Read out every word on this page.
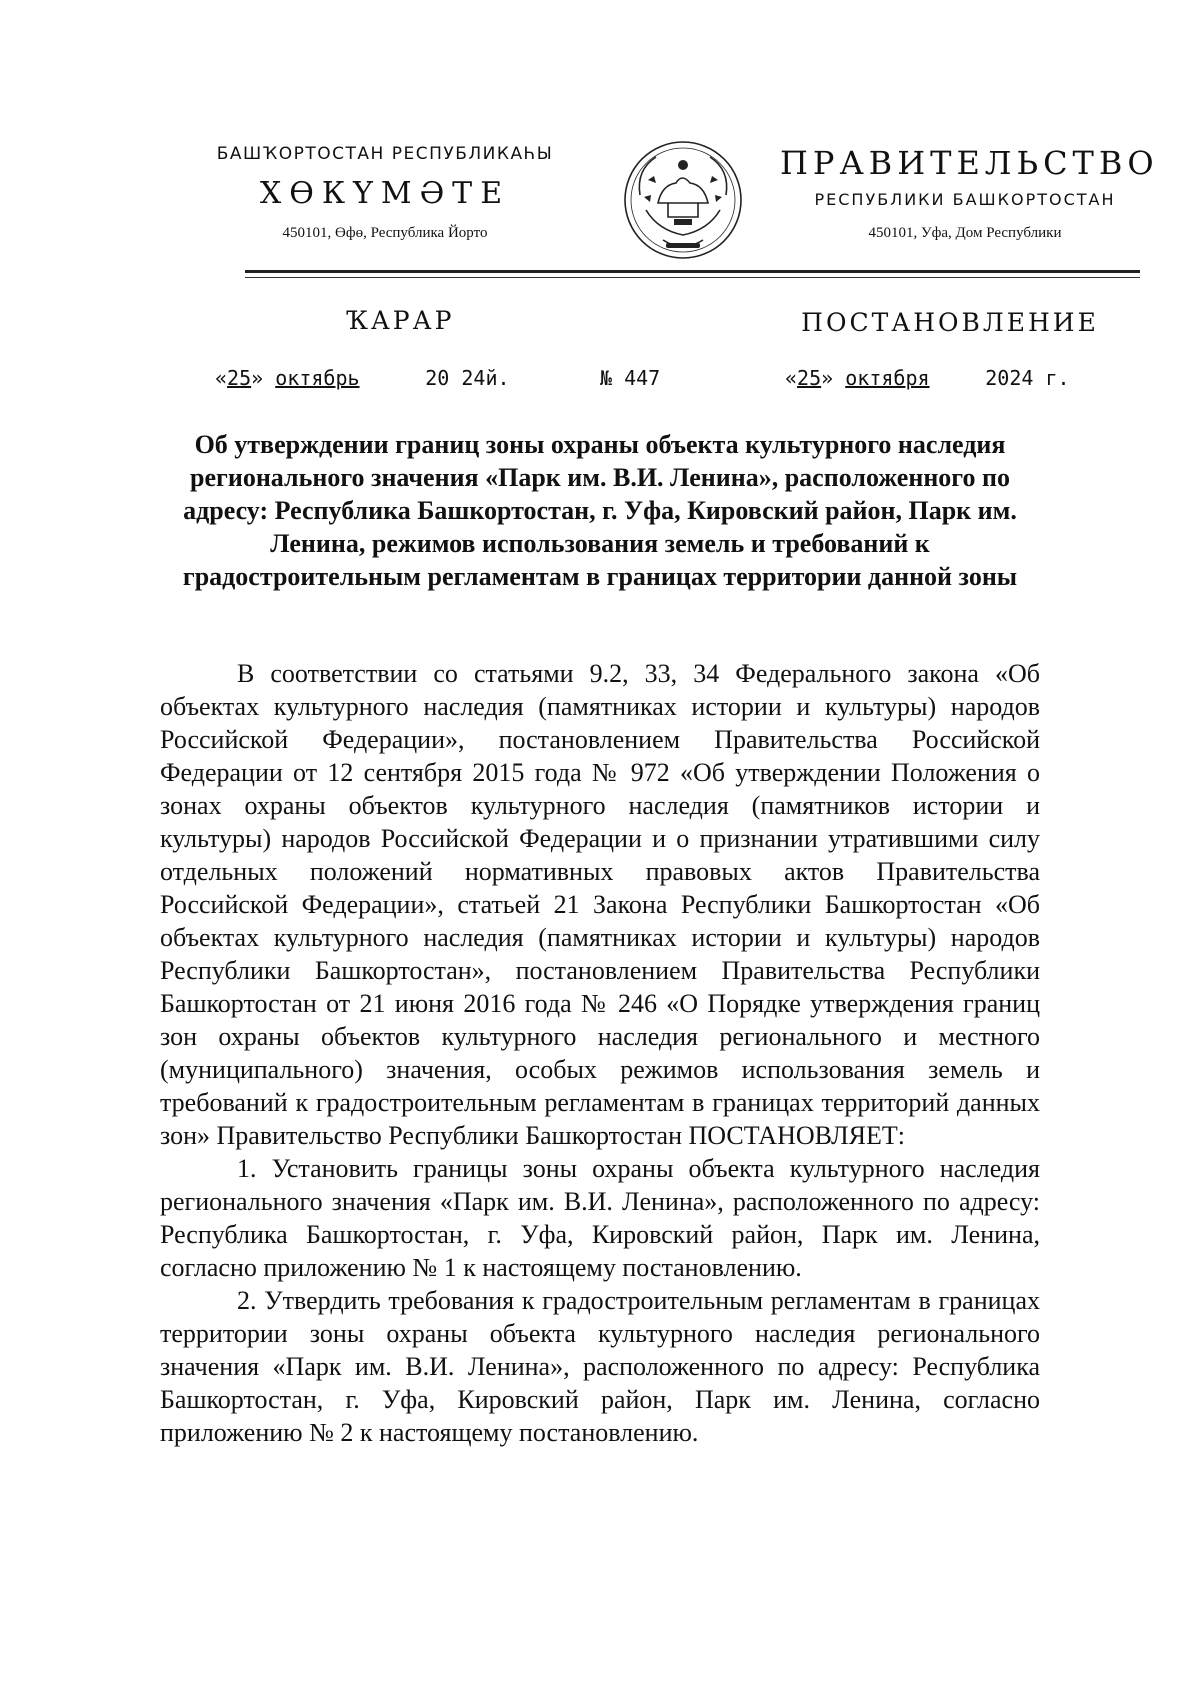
БАШҠОРТОСТАН РЕСПУБЛИКАҺЫ
ХӨКҮМӘТЕ
450101, Өфө, Республика Йорто
ПРАВИТЕЛЬСТВО
РЕСПУБЛИКИ БАШКОРТОСТАН
450101, Уфа, Дом Республики
ҠАРАР	ПОСТАНОВЛЕНИЕ
«25» октябрь	20 24й.	№ 447	«25» октября	2024 г.
Об утверждении границ зоны охраны объекта культурного наследия регионального значения «Парк им. В.И. Ленина», расположенного по адресу: Республика Башкортостан, г. Уфа, Кировский район, Парк им. Ленина, режимов использования земель и требований к градостроительным регламентам в границах территории данной зоны

В соответствии со статьями 9.2, 33, 34 Федерального закона «Об объектах культурного наследия (памятниках истории и культуры) народов Российской Федерации», постановлением Правительства Российской Федерации от 12 сентября 2015 года № 972 «Об утверждении Положения о зонах охраны объектов культурного наследия (памятников истории и культуры) народов Российской Федерации и о признании утратившими силу отдельных положений нормативных правовых актов Правительства Российской Федерации», статьей 21 Закона Республики Башкортостан «Об объектах культурного наследия (памятниках истории и культуры) народов Республики Башкортостан», постановлением Правительства Республики Башкортостан от 21 июня 2016 года № 246 «О Порядке утверждения границ зон охраны объектов культурного наследия регионального и местного (муниципального) значения, особых режимов использования земель и требований к градостроительным регламентам в границах территорий данных зон» Правительство Республики Башкортостан ПОСТАНОВЛЯЕТ:

1. Установить границы зоны охраны объекта культурного наследия регионального значения «Парк им. В.И. Ленина», расположенного по адресу: Республика Башкортостан, г. Уфа, Кировский район, Парк им. Ленина, согласно приложению № 1 к настоящему постановлению.

2. Утвердить требования к градостроительным регламентам в границах территории зоны охраны объекта культурного наследия регионального значения «Парк им. В.И. Ленина», расположенного по адресу: Республика Башкортостан, г. Уфа, Кировский район, Парк им. Ленина, согласно приложению № 2 к настоящему постановлению.
